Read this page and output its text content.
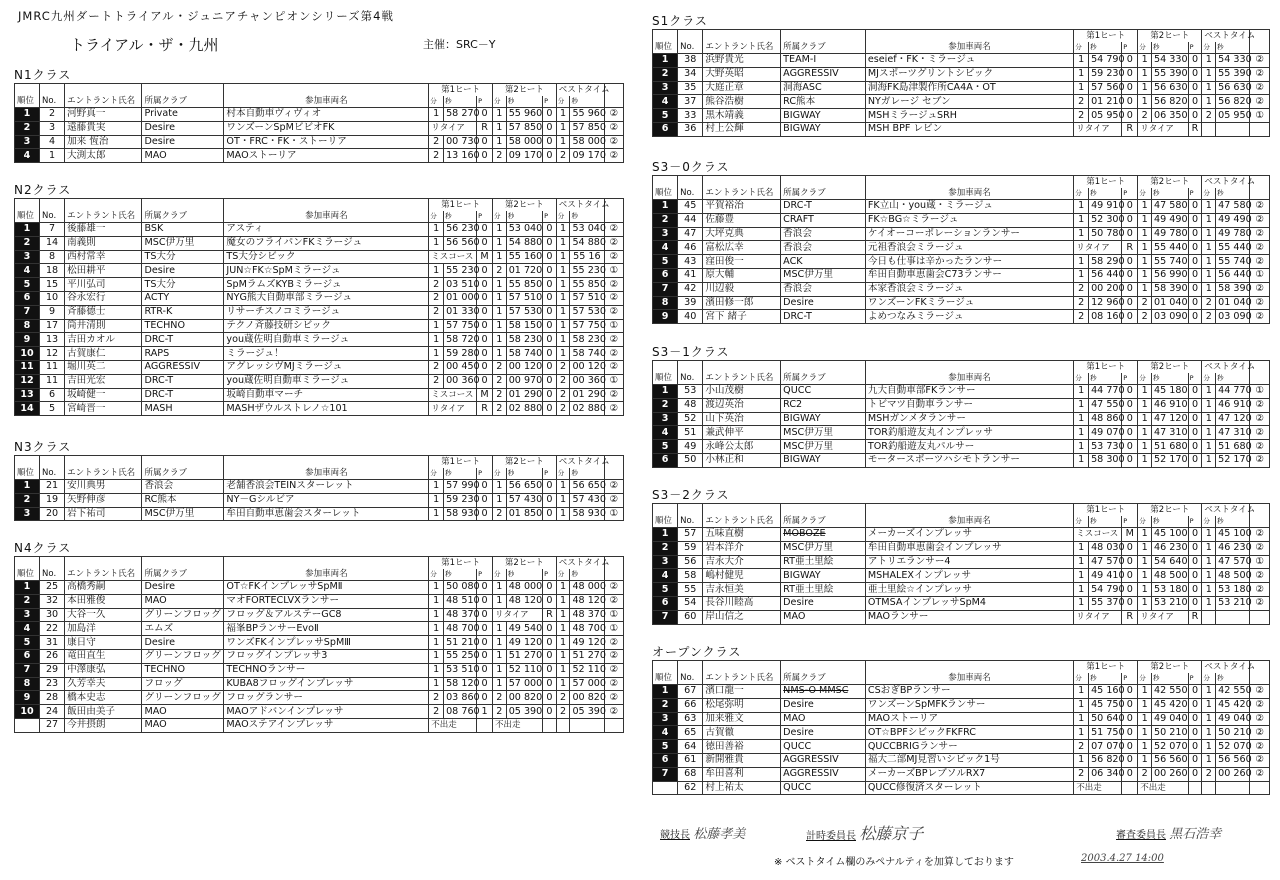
JMRC九州ダートトライアル・ジュニアチャンピオンシリーズ第4戦
トライアル・ザ・九州	主催：SRC－Y
N1クラス
					第1ヒート			第2ヒート			ベストタイム		
順位	No.	エントラント氏名	所属クラブ	参加車両名	分	秒	P	分	秒	P	分	秒	
1	2	河野真一	Private	村本自動車ヴィヴィオ	1	58 270	0	1	55 960	0	1	55 960	②
2	3	遠藤貴実	Desire	ワンズーンSpMビビオFK	リタイア		R	1	57 850	0	1	57 850	②
3	4	加来 恆治	Desire	OT・FRC・FK・ストーリア	2	00 730	0	1	58 000	0	1	58 000	②
4	1	大渕太郎	MAO	MAOストーリア	2	13 160	0	2	09 170	0	2	09 170	②
N2クラス
					第1ヒート			第2ヒート			ベストタイム		
順位	No.	エントラント氏名	所属クラブ	参加車両名	分	秒	P	分	秒	P	分	秒	
1	7	後藤雄一	BSK	アスティ	1	56 230	0	1	53 040	0	1	53 040	②
2	14	南義則	MSC伊万里	魔女のフライパンFKミラージュ	1	56 560	0	1	54 880	0	1	54 880	②
3	8	西村常幸	TS大分	TS大分シビック	ミスコース		M	1	55 160	0	1	55 16	②
4	18	松田耕平	Desire	JUN☆FK☆SpMミラージュ	1	55 230	0	2	01 720	0	1	55 230	①
5	15	平川弘司	TS大分	SpMラムズKYBミラージュ	2	03 510	0	1	55 850	0	1	55 850	②
6	10	谷永宏行	ACTY	NYG熊大自動車部ミラージュ	2	01 000	0	1	57 510	0	1	57 510	②
7	9	斉藤德士	RTR-K	リサーチスノコミラージュ	2	01 330	0	1	57 530	0	1	57 530	②
8	17	筒井清則	TECHNO	テクノ斉藤技研シビック	1	57 750	0	1	58 150	0	1	57 750	①
9	13	吉田カオル	DRC-T	you蔵佐明自動車ミラージュ	1	58 720	0	1	58 230	0	1	58 230	②
10	12	古賀康仁	RAPS	ミラージュ！	1	59 280	0	1	58 740	0	1	58 740	②
11	11	堀川英二	AGGRESSIV	アグレッシヴMJミラージュ	2	00 450	0	2	00 120	0	2	00 120	②
12	11	吉田光宏	DRC-T	you蔵佐明自動車ミラージュ	2	00 360	0	2	00 970	0	2	00 360	①
13	6	坂崎健一	DRC-T	坂崎自動車マーチ	ミスコース		M	2	01 290	0	2	01 290	②
14	5	宮崎晋一	MASH	MASHザウルストレノ☆101	リタイア		R	2	02 880	0	2	02 880	②
N3クラス
					第1ヒート			第2ヒート			ベストタイム		
順位	No.	エントラント氏名	所属クラブ	参加車両名	分	秒	P	分	秒	P	分	秒	
1	21	安川典男	香浪会	老舗香浪会TEINスターレット	1	57 990	0	1	56 650	0	1	56 650	②
2	19	矢野伸彦	RC熊本	NY－Gシルビア	1	59 230	0	1	57 430	0	1	57 430	②
3	20	岩下祐司	MSC伊万里	牟田自動車恵歯会スターレット	1	58 930	0	2	01 850	0	1	58 930	①
N4クラス
					第1ヒート			第2ヒート			ベストタイム		
順位	No.	エントラント氏名	所属クラブ	参加車両名	分	秒	P	分	秒	P	分	秒	
1	25	高橋秀嗣	Desire	OT☆FKインプレッサSpMⅡ	1	50 080	0	1	48 000	0	1	48 000	②
2	32	本田雅俊	MAO	マオFORTECLVXランサー	1	48 510	0	1	48 120	0	1	48 120	②
3	30	大谷一久	グリーンフロッグ	フロッグ＆アルステーGC8	1	48 370	0	リタイア		R	1	48 370	①
4	22	加島洋	エムズ	福峯BPランサーEvoⅡ	1	48 700	0	1	49 540	0	1	48 700	①
5	31	康日守	Desire	ワンズFKインプレッサSpMⅢ	1	51 210	0	1	49 120	0	1	49 120	②
6	26	竜田直生	グリーンフロッグ	フロッグインプレッサ3	1	55 250	0	1	51 270	0	1	51 270	②
7	29	中澤康弘	TECHNO	TECHNOランサー	1	53 510	0	1	52 110	0	1	52 110	②
8	23	久芳幸夫	フロッグ	KUBA8フロッグインプレッサ	1	58 120	0	1	57 000	0	1	57 000	②
9	28	橋本史志	グリーンフロッグ	フロッグランサー	2	03 860	0	2	00 820	0	2	00 820	②
10	24	飯田由美子	MAO	MAOアドバンインプレッサ	2	08 760	1	2	05 390	0	2	05 390	②
	27	今井摂朗	MAO	MAOステアインプレッサ	不出走			不出走					
S1クラス
					第1ヒート			第2ヒート			ベストタイム		
順位	No.	エントラント氏名	所属クラブ	参加車両名	分	秒	P	分	秒	P	分	秒	
1	38	浜野貴光	TEAM-I	eseief・FK・ミラージュ	1	54 790	0	1	54 330	0	1	54 330	②
2	34	大野英昭	AGGRESSIV	MJスポーツグリントシビック	1	59 230	0	1	55 390	0	1	55 390	②
3	35	大庭正章	洞海ASC	洞海FK島津製作所CA4A・OT	1	57 560	0	1	56 630	0	1	56 630	②
4	37	熊谷浩樹	RC熊本	NYガレージ セブン	2	01 210	0	1	56 820	0	1	56 820	②
5	33	黒木靖義	BIGWAY	MSHミラージュSRH	2	05 950	0	2	06 350	0	2	05 950	①
6	36	村上公輝	BIGWAY	MSH BPF レビン	リタイア		R	リタイア		R			
S3－0クラス
					第1ヒート			第2ヒート			ベストタイム		
順位	No.	エントラント氏名	所属クラブ	参加車両名	分	秒	P	分	秒	P	分	秒	
1	45	平賀裕治	DRC-T	FK立山・you蔵・ミラージュ	1	49 910	0	1	47 580	0	1	47 580	②
2	44	佐藤豊	CRAFT	FK☆BG☆ミラージュ	1	52 300	0	1	49 490	0	1	49 490	②
3	47	大坪克典	香浪会	ケイオーコーポレーションランサー	1	50 780	0	1	49 780	0	1	49 780	②
4	46	富松広幸	香浪会	元祖香浪会ミラージュ	リタイア		R	1	55 440	0	1	55 440	②
5	43	窪田俊一	ACK	今日も仕事は辛かったランサー	1	58 290	0	1	55 740	0	1	55 740	②
6	41	原大輔	MSC伊万里	牟田自動車恵歯会C73ランサー	1	56 440	0	1	56 990	0	1	56 440	①
7	42	川辺毅	香浪会	本家香浪会ミラージュ	2	00 200	0	1	58 390	0	1	58 390	②
8	39	濱田修一郎	Desire	ワンズーンFKミラージュ	2	12 960	0	2	01 040	0	2	01 040	②
9	40	宮下 緒子	DRC-T	よめつなみミラージュ	2	08 160	0	2	03 090	0	2	03 090	②
S3－1クラス
					第1ヒート			第2ヒート			ベストタイム		
順位	No.	エントラント氏名	所属クラブ	参加車両名	分	秒	P	分	秒	P	分	秒	
1	53	小山茂樹	QUCC	九大自動車部FKランサー	1	44 770	0	1	45 180	0	1	44 770	①
2	48	渡辺英治	RC2	トビマツ自動車ランサー	1	47 550	0	1	46 910	0	1	46 910	②
3	52	山下英治	BIGWAY	MSHガンメタランサー	1	48 860	0	1	47 120	0	1	47 120	②
4	51	兼武伸平	MSC伊万里	TOR釣船遊友丸インプレッサ	1	49 070	0	1	47 310	0	1	47 310	②
5	49	永峰公太郎	MSC伊万里	TOR釣船遊友丸パルサー	1	53 730	0	1	51 680	0	1	51 680	②
6	50	小林正和	BIGWAY	モータースポーツハシモトランサー	1	58 300	0	1	52 170	0	1	52 170	②
S3－2クラス
					第1ヒート			第2ヒート			ベストタイム		
順位	No.	エントラント氏名	所属クラブ	参加車両名	分	秒	P	分	秒	P	分	秒	
1	57	五味直樹	MOBOZE	メーカーズインプレッサ	ミスコース		M	1	45 100	0	1	45 100	②
2	59	岩本洋介	MSC伊万里	牟田自動車恵歯会インプレッサ	1	48 030	0	1	46 230	0	1	46 230	②
3	56	吉永大介	RT亜土里絵	アトリエランサー4	1	47 570	0	1	54 640	0	1	47 570	①
4	58	嶋村健児	BIGWAY	MSHALEXインプレッサ	1	49 410	0	1	48 500	0	1	48 500	②
5	55	吉永恒美	RT亜土里絵	亜土里絵☆インプレッサ	1	54 790	0	1	53 180	0	1	53 180	②
6	54	長谷川睦高	Desire	OTMSAインプレッサSpM4	1	55 370	0	1	53 210	0	1	53 210	②
7	60	岸山信之	MAO	MAOランサー	リタイア		R	リタイア		R			
オープンクラス
					第1ヒート			第2ヒート			ベストタイム		
順位	No.	エントラント氏名	所属クラブ	参加車両名	分	秒	P	分	秒	P	分	秒	
1	67	濱口龍一	NMS-O MMSC	CSおぎBPランサー	1	45 160	0	1	42 550	0	1	42 550	②
2	66	松尾弥明	Desire	ワンズーンSpMFKランサー	1	45 750	0	1	45 420	0	1	45 420	②
3	63	加来雅文	MAO	MAOストーリア	1	50 640	0	1	49 040	0	1	49 040	②
4	65	古賀徹	Desire	OT☆BPFシビックFKFRC	1	51 750	0	1	50 210	0	1	50 210	②
5	64	徳田善裕	QUCC	QUCCBRIGランサー	2	07 070	0	1	52 070	0	1	52 070	②
6	61	新開雅貴	AGGRESSIV	福大二部MJ見習いシビック1号	1	56 820	0	1	56 560	0	1	56 560	②
7	68	牟田喜利	AGGRESSIV	メーカーズBPレブソルRX7	2	06 340	0	2	00 260	0	2	00 260	②
	62	村上祐太	QUCC	QUCC修復済スターレット	不出走			不出走					
競技長 松藤孝美	計時委員長 松藤京子	審査委員長 黒石浩幸
※ ベストタイム欄のみペナルティを加算しております	2003.4.27 14:00
